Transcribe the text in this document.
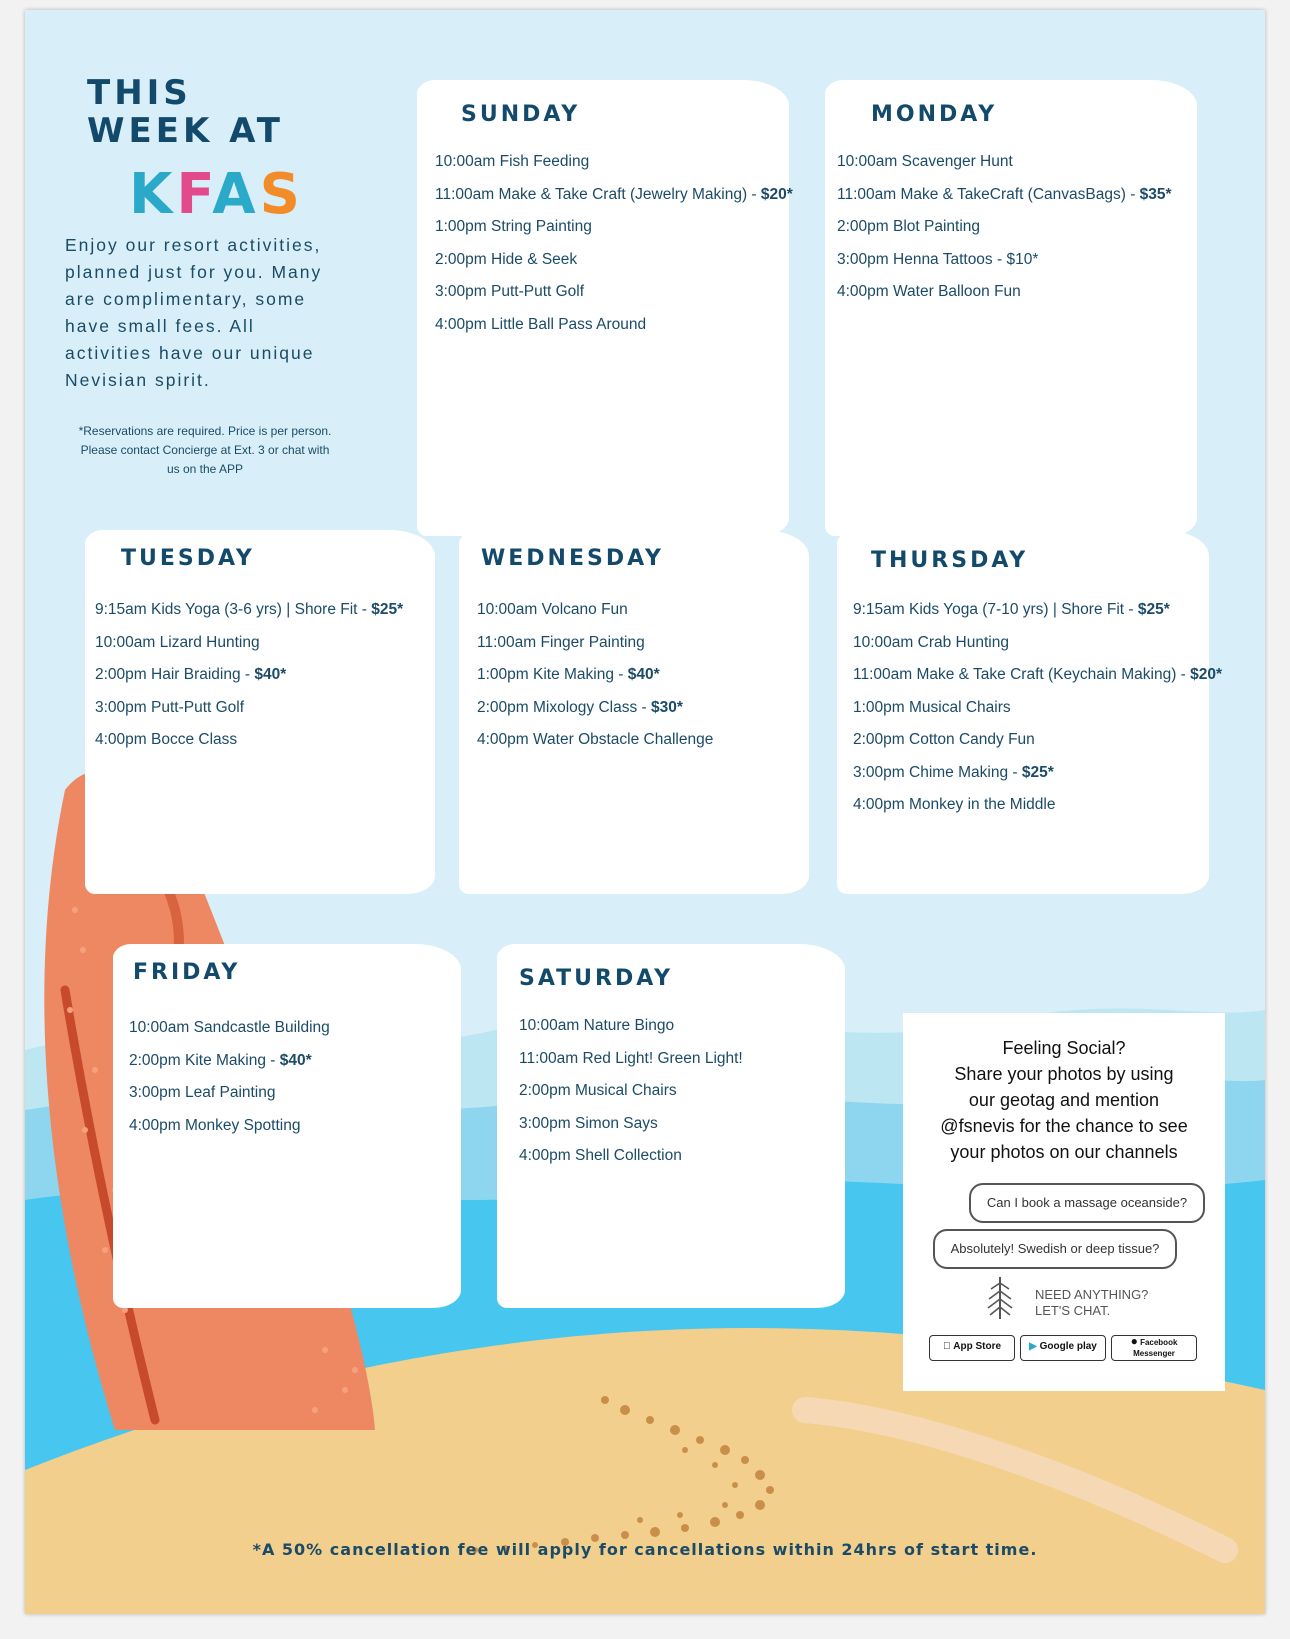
THIS
WEEK AT
KFAS
Enjoy our resort activities,
planned just for you. Many
are complimentary, some
have small fees. All
activities have our unique
Nevisian spirit.
*Reservations are required. Price is per person.
Please contact Concierge at Ext. 3 or chat with
us on the APP
SUNDAY
10:00am Fish Feeding
11:00am Make & Take Craft (Jewelry Making) - $20*
1:00pm String Painting
2:00pm Hide & Seek
3:00pm Putt-Putt Golf
4:00pm Little Ball Pass Around
MONDAY
10:00am Scavenger Hunt
11:00am Make & TakeCraft (CanvasBags) - $35*
2:00pm Blot Painting
3:00pm Henna Tattoos - $10*
4:00pm Water Balloon Fun
TUESDAY
9:15am Kids Yoga (3-6 yrs) | Shore Fit - $25*
10:00am Lizard Hunting
2:00pm Hair Braiding - $40*
3:00pm Putt-Putt Golf
4:00pm Bocce Class
WEDNESDAY
10:00am Volcano Fun
11:00am Finger Painting
1:00pm Kite Making - $40*
2:00pm Mixology Class - $30*
4:00pm Water Obstacle Challenge
THURSDAY
9:15am Kids Yoga (7-10 yrs) | Shore Fit - $25*
10:00am Crab Hunting
11:00am Make & Take Craft (Keychain Making) - $20*
1:00pm Musical Chairs
2:00pm Cotton Candy Fun
3:00pm Chime Making - $25*
4:00pm Monkey in the Middle
FRIDAY
10:00am Sandcastle Building
2:00pm Kite Making - $40*
3:00pm Leaf Painting
4:00pm Monkey Spotting
SATURDAY
10:00am Nature Bingo
11:00am Red Light! Green Light!
2:00pm Musical Chairs
3:00pm Simon Says
4:00pm Shell Collection
Feeling Social?
Share your photos by using
our geotag and mention
@fsnevis for the chance to see
your photos on our channels
Can I book a massage oceanside?
Absolutely! Swedish or deep tissue?
NEED ANYTHING?
LET'S CHAT.
App Store	▶ Google play	● Facebook Messenger
*A 50% cancellation fee will apply for cancellations within 24hrs of start time.
